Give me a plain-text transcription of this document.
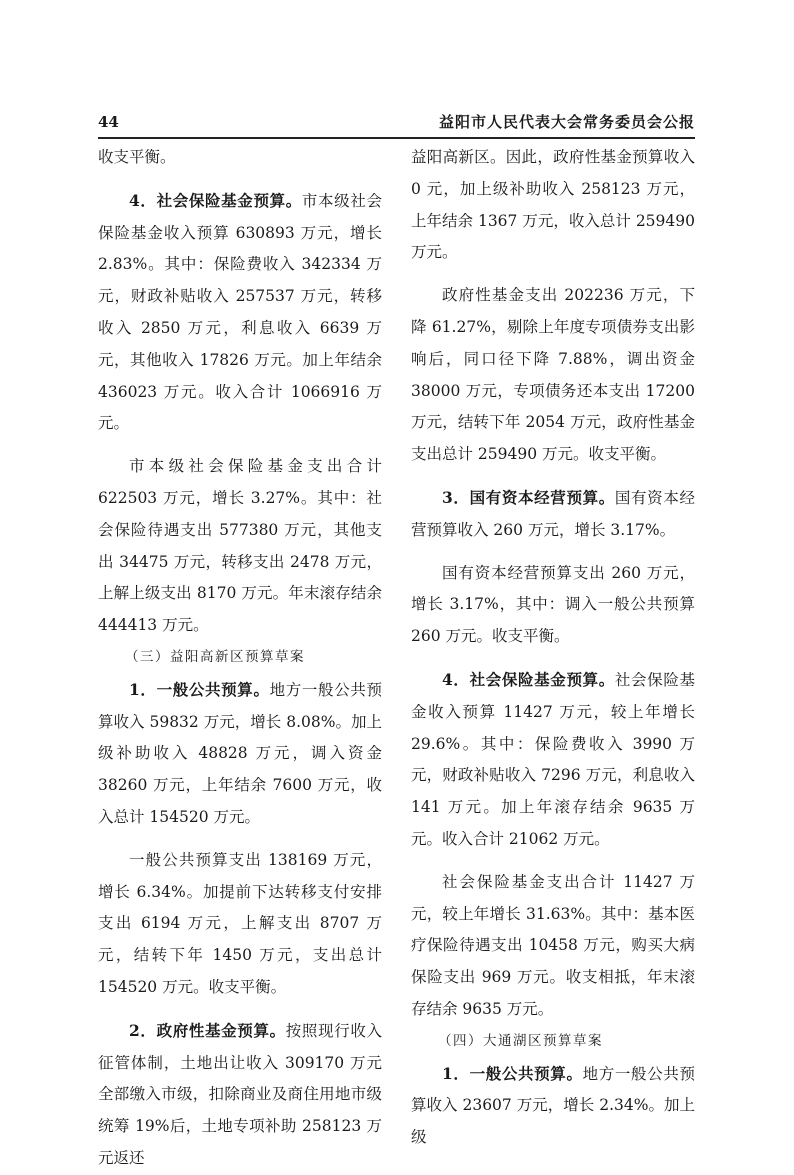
44	益阳市人民代表大会常务委员会公报

收支平衡。

4．社会保险基金预算。市本级社会保险基金收入预算 630893 万元，增长 2.83%。其中：保险费收入 342334 万元，财政补贴收入 257537 万元，转移收入 2850 万元，利息收入 6639 万元，其他收入 17826 万元。加上年结余 436023 万元。收入合计 1066916 万元。

市本级社会保险基金支出合计 622503 万元，增长 3.27%。其中：社会保险待遇支出 577380 万元，其他支出 34475 万元，转移支出 2478 万元，上解上级支出 8170 万元。年末滚存结余 444413 万元。

（三）益阳高新区预算草案

1．一般公共预算。地方一般公共预算收入 59832 万元，增长 8.08%。加上级补助收入 48828 万元，调入资金 38260 万元，上年结余 7600 万元，收入总计 154520 万元。

一般公共预算支出 138169 万元，增长 6.34%。加提前下达转移支付安排支出 6194 万元，上解支出 8707 万元，结转下年 1450 万元，支出总计 154520 万元。收支平衡。

2．政府性基金预算。按照现行收入征管体制，土地出让收入 309170 万元全部缴入市级，扣除商业及商住用地市级统筹 19%后，土地专项补助 258123 万元返还

益阳高新区。因此，政府性基金预算收入 0 元，加上级补助收入 258123 万元，上年结余 1367 万元，收入总计 259490 万元。

政府性基金支出 202236 万元，下降 61.27%，剔除上年度专项债券支出影响后，同口径下降 7.88%，调出资金 38000 万元，专项债务还本支出 17200 万元，结转下年 2054 万元，政府性基金支出总计 259490 万元。收支平衡。

3．国有资本经营预算。国有资本经营预算收入 260 万元，增长 3.17%。

国有资本经营预算支出 260 万元，增长 3.17%，其中：调入一般公共预算 260 万元。收支平衡。

4．社会保险基金预算。社会保险基金收入预算 11427 万元，较上年增长 29.6%。其中：保险费收入 3990 万元，财政补贴收入 7296 万元，利息收入 141 万元。加上年滚存结余 9635 万元。收入合计 21062 万元。

社会保险基金支出合计 11427 万元，较上年增长 31.63%。其中：基本医疗保险待遇支出 10458 万元，购买大病保险支出 969 万元。收支相抵，年末滚存结余 9635 万元。

（四）大通湖区预算草案

1．一般公共预算。地方一般公共预算收入 23607 万元，增长 2.34%。加上级
